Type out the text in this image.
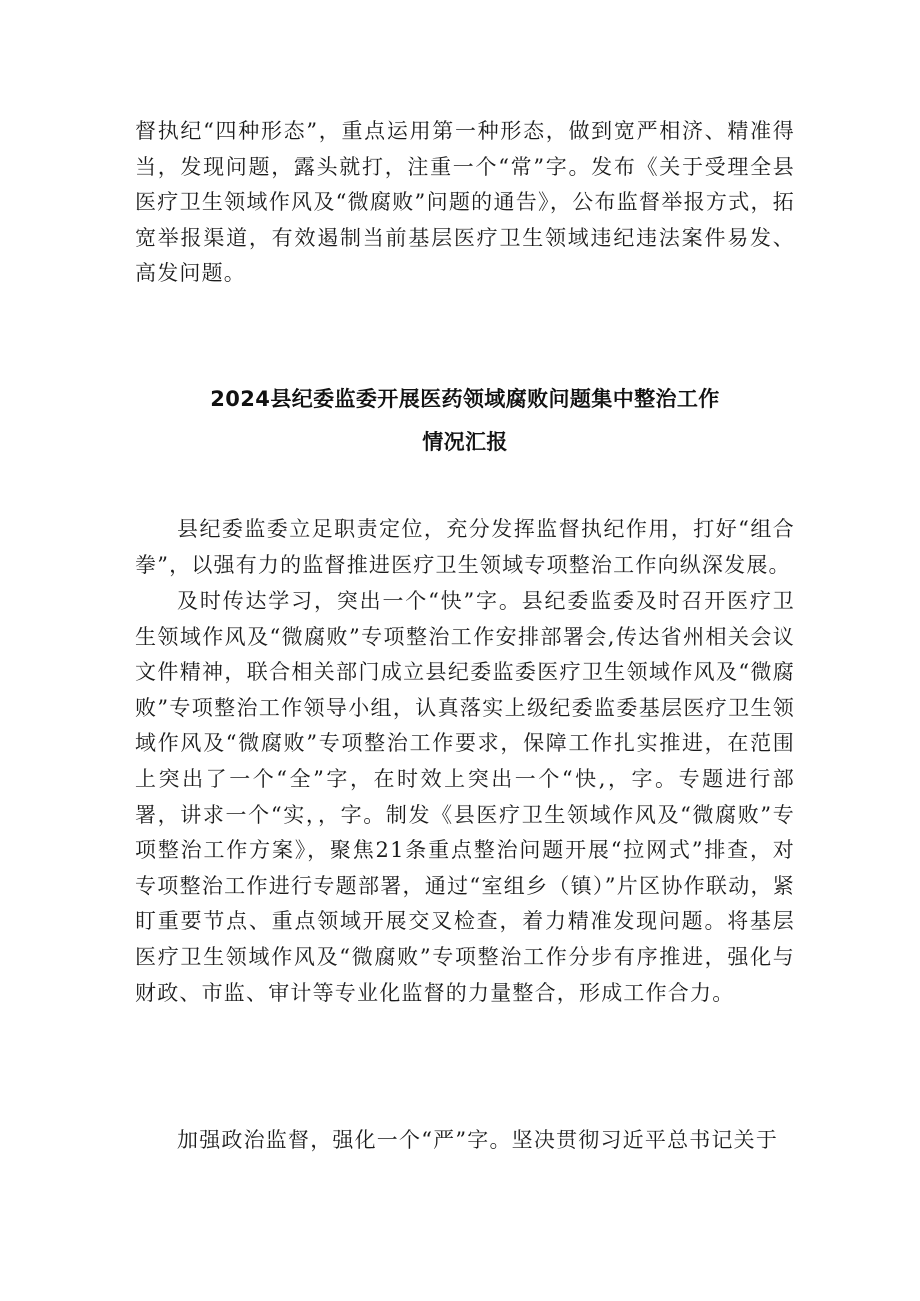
督执纪“四种形态”，重点运用第一种形态，做到宽严相济、精准得当，发现问题，露头就打，注重一个“常”字。发布《关于受理全县医疗卫生领域作风及“微腐败”问题的通告》，公布监督举报方式，拓宽举报渠道，有效遏制当前基层医疗卫生领域违纪违法案件易发、高发问题。

2024县纪委监委开展医药领域腐败问题集中整治工作
情况汇报

县纪委监委立足职责定位，充分发挥监督执纪作用，打好“组合拳”，以强有力的监督推进医疗卫生领域专项整治工作向纵深发展。

及时传达学习，突出一个“快”字。县纪委监委及时召开医疗卫生领域作风及“微腐败”专项整治工作安排部署会,传达省州相关会议文件精神，联合相关部门成立县纪委监委医疗卫生领域作风及“微腐败”专项整治工作领导小组，认真落实上级纪委监委基层医疗卫生领域作风及“微腐败”专项整治工作要求，保障工作扎实推进，在范围上突出了一个“全”字，在时效上突出一个“快,，字。专题进行部署，讲求一个“实，，字。制发《县医疗卫生领域作风及“微腐败”专项整治工作方案》，聚焦21条重点整治问题开展“拉网式”排查，对专项整治工作进行专题部署，通过“室组乡（镇）”片区协作联动，紧盯重要节点、重点领域开展交叉检查，着力精准发现问题。将基层医疗卫生领域作风及“微腐败”专项整治工作分步有序推进，强化与财政、市监、审计等专业化监督的力量整合，形成工作合力。

加强政治监督，强化一个“严”字。坚决贯彻习近平总书记关于
